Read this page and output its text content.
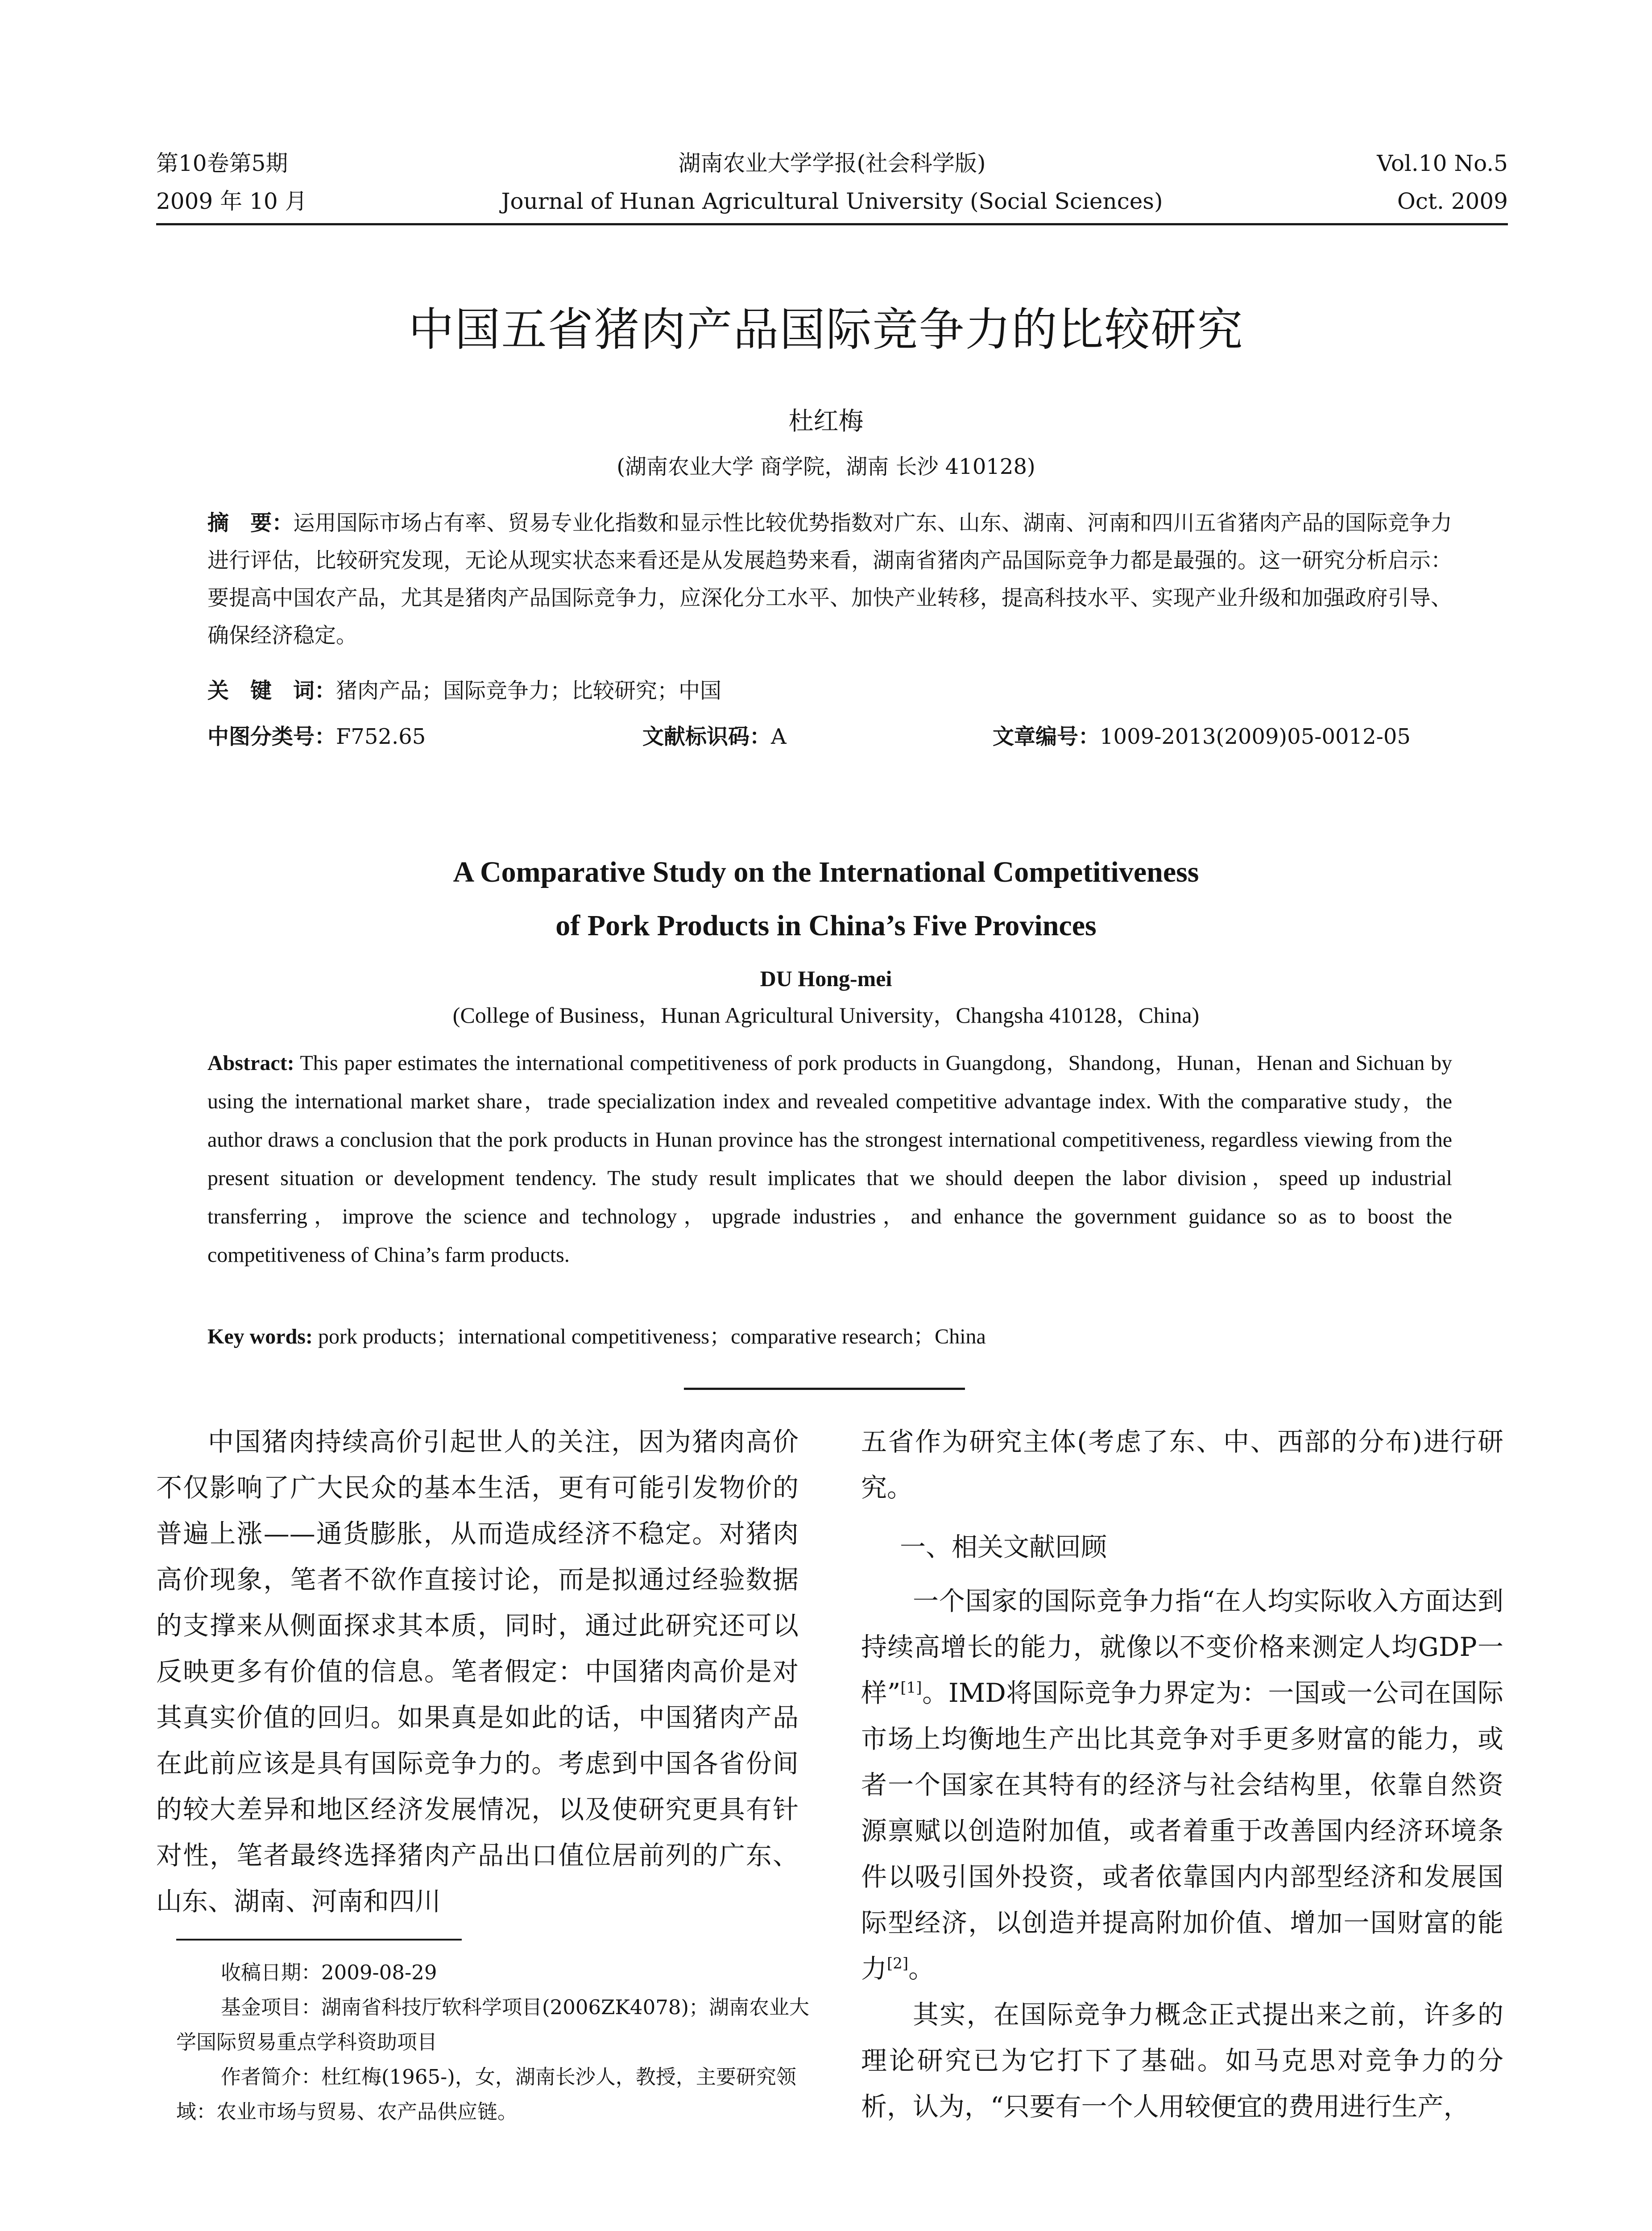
第10卷第5期	湖南农业大学学报(社会科学版)	Vol.10 No.5
2009 年 10 月	Journal of Hunan Agricultural University (Social Sciences)	Oct. 2009
中国五省猪肉产品国际竞争力的比较研究
杜红梅
(湖南农业大学 商学院，湖南 长沙 410128)
摘　要：运用国际市场占有率、贸易专业化指数和显示性比较优势指数对广东、山东、湖南、河南和四川五省猪肉产品的国际竞争力进行评估，比较研究发现，无论从现实状态来看还是从发展趋势来看，湖南省猪肉产品国际竞争力都是最强的。这一研究分析启示：要提高中国农产品，尤其是猪肉产品国际竞争力，应深化分工水平、加快产业转移，提高科技水平、实现产业升级和加强政府引导、确保经济稳定。
关　键　词：猪肉产品；国际竞争力；比较研究；中国
中图分类号：F752.65	文献标识码：A	文章编号：1009-2013(2009)05-0012-05
A Comparative Study on the International Competitiveness
of Pork Products in China’s Five Provinces
DU Hong-mei
(College of Business，Hunan Agricultural University，Changsha 410128，China)
Abstract: This paper estimates the international competitiveness of pork products in Guangdong，Shandong，Hunan，Henan and Sichuan by using the international market share，trade specialization index and revealed competitive advantage index. With the comparative study，the author draws a conclusion that the pork products in Hunan province has the strongest international competitiveness, regardless viewing from the present situation or development tendency. The study result implicates that we should deepen the labor division，speed up industrial transferring，improve the science and technology，upgrade industries，and enhance the government guidance so as to boost the competitiveness of China’s farm products.
Key words: pork products；international competitiveness；comparative research；China

中国猪肉持续高价引起世人的关注，因为猪肉高价不仅影响了广大民众的基本生活，更有可能引发物价的普遍上涨——通货膨胀，从而造成经济不稳定。对猪肉高价现象，笔者不欲作直接讨论，而是拟通过经验数据的支撑来从侧面探求其本质，同时，通过此研究还可以反映更多有价值的信息。笔者假定：中国猪肉高价是对其真实价值的回归。如果真是如此的话，中国猪肉产品在此前应该是具有国际竞争力的。考虑到中国各省份间的较大差异和地区经济发展情况，以及使研究更具有针对性，笔者最终选择猪肉产品出口值位居前列的广东、山东、湖南、河南和四川

五省作为研究主体(考虑了东、中、西部的分布)进行研究。

一、相关文献回顾

一个国家的国际竞争力指“在人均实际收入方面达到持续高增长的能力，就像以不变价格来测定人均GDP一样”[1]。IMD将国际竞争力界定为：一国或一公司在国际市场上均衡地生产出比其竞争对手更多财富的能力，或者一个国家在其特有的经济与社会结构里，依靠自然资源禀赋以创造附加值，或者着重于改善国内经济环境条件以吸引国外投资，或者依靠国内内部型经济和发展国际型经济，以创造并提高附加价值、增加一国财富的能力[2]。

其实，在国际竞争力概念正式提出来之前，许多的理论研究已为它打下了基础。如马克思对竞争力的分析，认为，“只要有一个人用较便宜的费用进行生产，

收稿日期：2009-08-29

基金项目：湖南省科技厅软科学项目(2006ZK4078)；湖南农业大学国际贸易重点学科资助项目

作者简介：杜红梅(1965-)，女，湖南长沙人，教授，主要研究领域：农业市场与贸易、农产品供应链。
